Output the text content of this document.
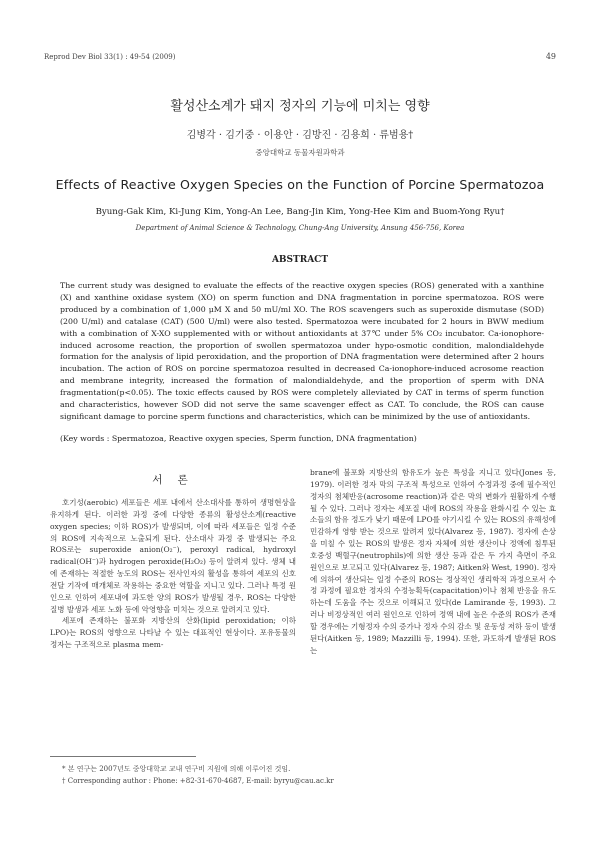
Reprod Dev Biol 33(1) : 49-54 (2009)	49
활성산소계가 돼지 정자의 기능에 미치는 영향
김병각 · 김기중 · 이용안 · 김방진 · 김용희 · 류범용†
중앙대학교 동물자원과학과
Effects of Reactive Oxygen Species on the Function of Porcine Spermatozoa
Byung-Gak Kim, Ki-Jung Kim, Yong-An Lee, Bang-Jin Kim, Yong-Hee Kim and Buom-Yong Ryu†
Department of Animal Science & Technology, Chung-Ang University, Ansung 456-756, Korea
ABSTRACT

The current study was designed to evaluate the effects of the reactive oxygen species (ROS) generated with a xanthine (X) and xanthine oxidase system (XO) on sperm function and DNA fragmentation in porcine spermatozoa. ROS were produced by a combination of 1,000 μM X and 50 mU/ml XO. The ROS scavengers such as superoxide dismutase (SOD) (200 U/ml) and catalase (CAT) (500 U/ml) were also tested. Spermatozoa were incubated for 2 hours in BWW medium with a combination of X-XO supplemented with or without antioxidants at 37℃ under 5% CO₂ incubator. Ca-ionophore-induced acrosome reaction, the proportion of swollen spermatozoa under hypo-osmotic condition, malondialdehyde formation for the analysis of lipid peroxidation, and the proportion of DNA fragmentation were determined after 2 hours incubation. The action of ROS on porcine spermatozoa resulted in decreased Ca-ionophore-induced acrosome reaction and membrane integrity, increased the formation of malondialdehyde, and the proportion of sperm with DNA fragmentation(p<0.05). The toxic effects caused by ROS were completely alleviated by CAT in terms of sperm function and characteristics, however SOD did not serve the same scavenger effect as CAT. To conclude, the ROS can cause significant damage to porcine sperm functions and characteristics, which can be minimized by the use of antioxidants.

(Key words : Spermatozoa, Reactive oxygen species, Sperm function, DNA fragmentation)
서 론

호기성(aerobic) 세포들은 세포 내에서 산소대사를 통하여 생명현상을 유지하게 된다. 이러한 과정 중에 다양한 종류의 활성산소계(reactive oxygen species; 이하 ROS)가 발생되며, 이에 따라 세포들은 일정 수준의 ROS에 지속적으로 노출되게 된다. 산소대사 과정 중 발생되는 주요 ROS로는 superoxide anion(O₂⁻), peroxyl radical, hydroxyl radical(OH⁻)과 hydrogen peroxide(H₂O₂) 등이 알려져 있다. 생체 내에 존재하는 적절한 농도의 ROS는 전사인자의 활성을 통하여 세포의 신호전달 기작에 매개체로 작용하는 중요한 역할을 지니고 있다. 그러나 특정 원인으로 인하여 세포내에 과도한 양의 ROS가 발생될 경우, ROS는 다양한 질병 발생과 세포 노화 등에 악영향을 미치는 것으로 알려지고 있다.

세포에 존재하는 불포화 지방산의 산화(lipid peroxidation; 이하 LPO)는 ROS의 영향으로 나타날 수 있는 대표적인 현상이다. 포유동물의 정자는 구조적으로 plasma mem-

brane에 불포화 지방산의 함유도가 높은 특성을 지니고 있다(Jones 등, 1979). 이러한 정자 막의 구조적 특성으로 인하여 수정과정 중에 필수적인 정자의 첨체반응(acrosome reaction)과 같은 막의 변화가 원활하게 수행될 수 있다. 그러나 정자는 세포질 내에 ROS의 작용을 완화시킬 수 있는 효소들의 함유 정도가 낮기 때문에 LPO를 야기시킬 수 있는 ROS의 유해성에 민감하게 영향 받는 것으로 알려져 있다(Alvarez 등, 1987). 정자에 손상을 미칠 수 있는 ROS의 발생은 정자 자체에 의한 생산이나 정액에 침투된 호중성 백혈구(neutrophils)에 의한 생산 등과 같은 두 가지 측면이 주요 원인으로 보고되고 있다(Alvarez 등, 1987; Aitken와 West, 1990). 정자에 의하여 생산되는 일정 수준의 ROS는 정상적인 생리학적 과정으로서 수정 과정에 필요한 정자의 수정능획득(capacitation)이나 첨체 반응을 유도하는데 도움을 주는 것으로 이해되고 있다(de Lamirande 등, 1993). 그러나 비정상적인 여러 원인으로 인하여 정액 내에 높은 수준의 ROS가 존재할 경우에는 기형정자 수의 증가나 정자 수의 감소 및 운동성 저하 등이 발생된다(Aitken 등, 1989; Mazzilli 등, 1994). 또한, 과도하게 발생된 ROS는

* 본 연구는 2007년도 중앙대학교 교내 연구비 지원에 의해 이루어진 것임.
† Corresponding author : Phone: +82-31-670-4687, E-mail: byryu@cau.ac.kr
